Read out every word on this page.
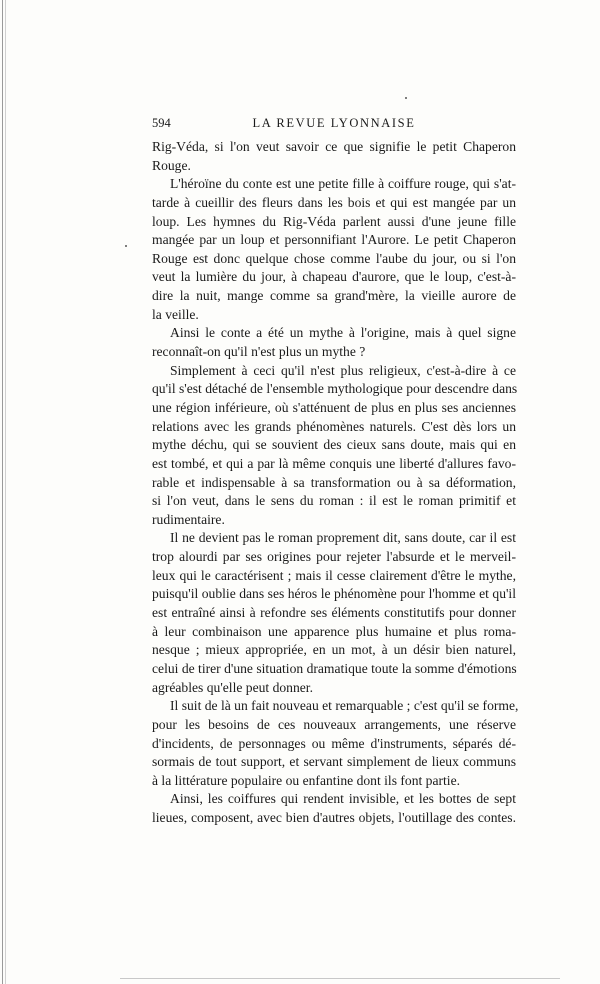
594	LA REVUE LYONNAISE
Rig-Véda, si l'on veut savoir ce que signifie le petit Chaperon
Rouge.
L'héroïne du conte est une petite fille à coiffure rouge, qui s'at-
tarde à cueillir des fleurs dans les bois et qui est mangée par un
loup. Les hymnes du Rig-Véda parlent aussi d'une jeune fille
mangée par un loup et personnifiant l'Aurore. Le petit Chaperon
Rouge est donc quelque chose comme l'aube du jour, ou si l'on
veut la lumière du jour, à chapeau d'aurore, que le loup, c'est-à-
dire la nuit, mange comme sa grand'mère, la vieille aurore de
la veille.
Ainsi le conte a été un mythe à l'origine, mais à quel signe
reconnaît-on qu'il n'est plus un mythe ?
Simplement à ceci qu'il n'est plus religieux, c'est-à-dire à ce
qu'il s'est détaché de l'ensemble mythologique pour descendre dans
une région inférieure, où s'atténuent de plus en plus ses anciennes
relations avec les grands phénomènes naturels. C'est dès lors un
mythe déchu, qui se souvient des cieux sans doute, mais qui en
est tombé, et qui a par là même conquis une liberté d'allures favo-
rable et indispensable à sa transformation ou à sa déformation,
si l'on veut, dans le sens du roman : il est le roman primitif et
rudimentaire.
Il ne devient pas le roman proprement dit, sans doute, car il est
trop alourdi par ses origines pour rejeter l'absurde et le merveil-
leux qui le caractérisent ; mais il cesse clairement d'être le mythe,
puisqu'il oublie dans ses héros le phénomène pour l'homme et qu'il
est entraîné ainsi à refondre ses éléments constitutifs pour donner
à leur combinaison une apparence plus humaine et plus roma-
nesque ; mieux appropriée, en un mot, à un désir bien naturel,
celui de tirer d'une situation dramatique toute la somme d'émotions
agréables qu'elle peut donner.
Il suit de là un fait nouveau et remarquable ; c'est qu'il se forme,
pour les besoins de ces nouveaux arrangements, une réserve
d'incidents, de personnages ou même d'instruments, séparés dé-
sormais de tout support, et servant simplement de lieux communs
à la littérature populaire ou enfantine dont ils font partie.
Ainsi, les coiffures qui rendent invisible, et les bottes de sept
lieues, composent, avec bien d'autres objets, l'outillage des contes.
